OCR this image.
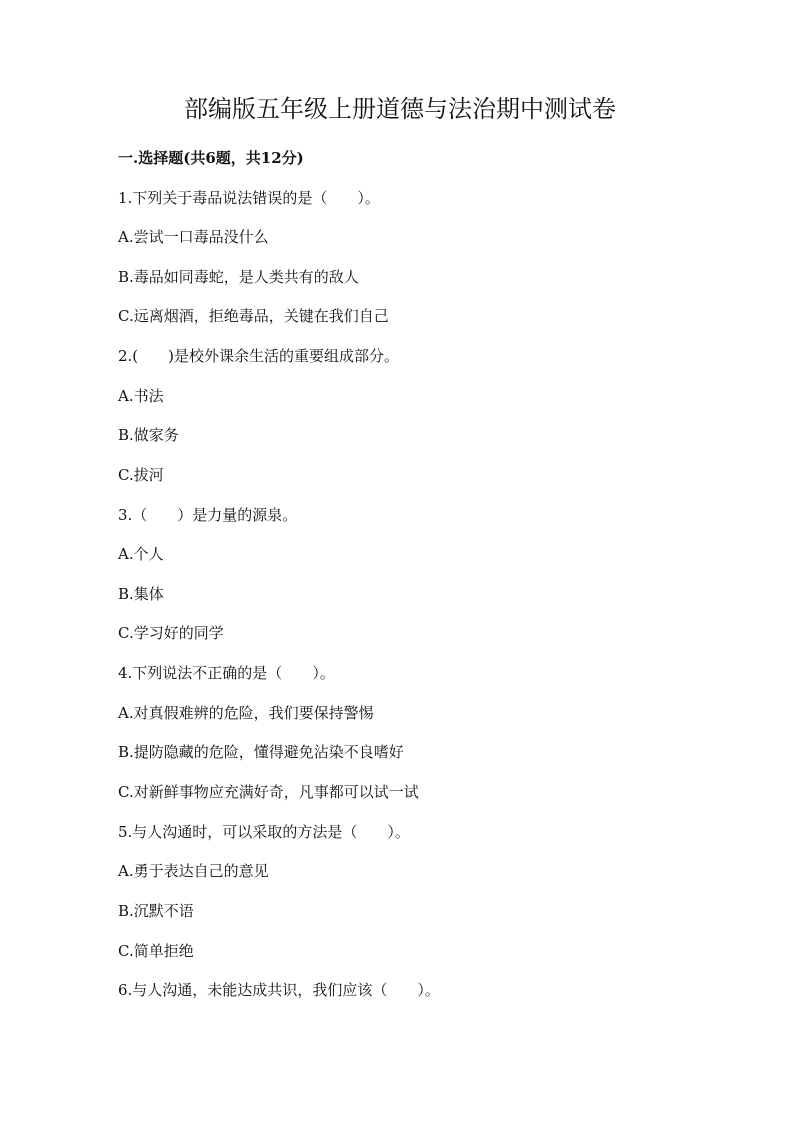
部编版五年级上册道德与法治期中测试卷
一.选择题(共6题，共12分)
1.下列关于毒品说法错误的是（　　）。
A.尝试一口毒品没什么
B.毒品如同毒蛇，是人类共有的敌人
C.远离烟酒，拒绝毒品，关键在我们自己
2.(　　)是校外课余生活的重要组成部分。
A.书法
B.做家务
C.拔河
3.（　　）是力量的源泉。
A.个人
B.集体
C.学习好的同学
4.下列说法不正确的是（　　）。
A.对真假难辨的危险，我们要保持警惕
B.提防隐藏的危险，懂得避免沾染不良嗜好
C.对新鲜事物应充满好奇，凡事都可以试一试
5.与人沟通时，可以采取的方法是（　　）。
A.勇于表达自己的意见
B.沉默不语
C.简单拒绝
6.与人沟通，未能达成共识，我们应该（　　）。
